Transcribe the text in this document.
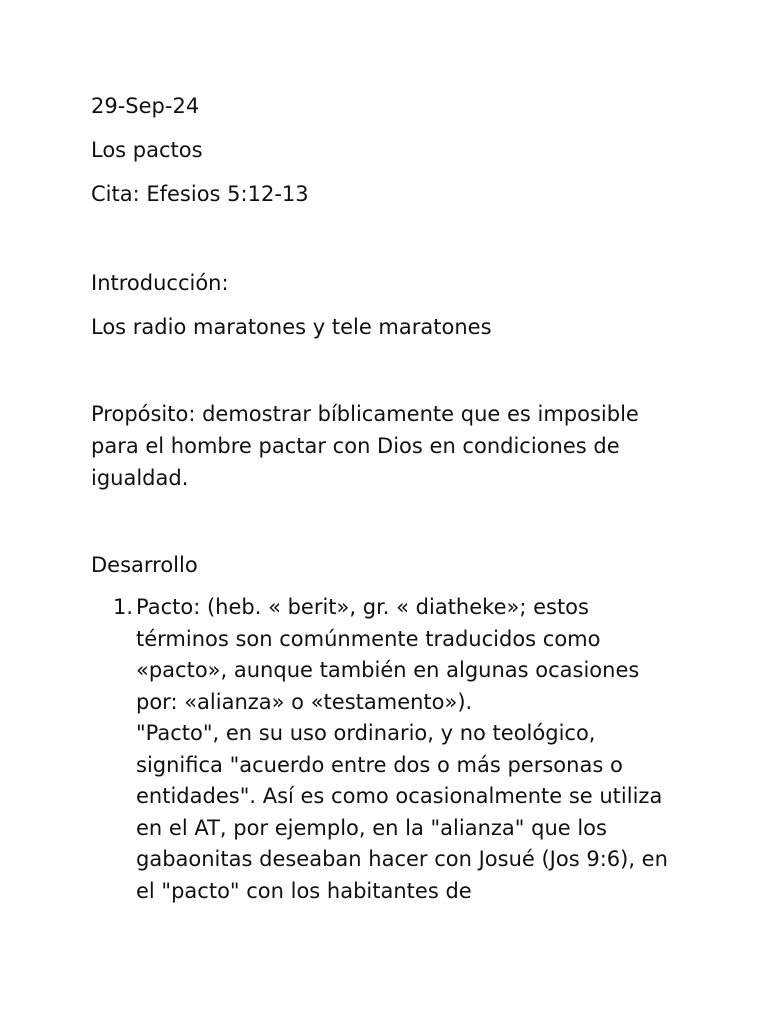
29-Sep-24
Los pactos
Cita: Efesios 5:12-13
Introducción:
Los radio maratones y tele maratones
Propósito: demostrar bíblicamente que es imposible para el hombre pactar con Dios en condiciones de igualdad.
Desarrollo
1. Pacto: (heb. « berit», gr. « diatheke»; estos términos son comúnmente traducidos como «pacto», aunque también en algunas ocasiones por: «alianza» o «testamento»).
"Pacto", en su uso ordinario, y no teológico, significa "acuerdo entre dos o más personas o entidades". Así es como ocasionalmente se utiliza en el AT, por ejemplo, en la "alianza" que los gabaonitas deseaban hacer con Josué (Jos 9:6), en el "pacto" con los habitantes de
